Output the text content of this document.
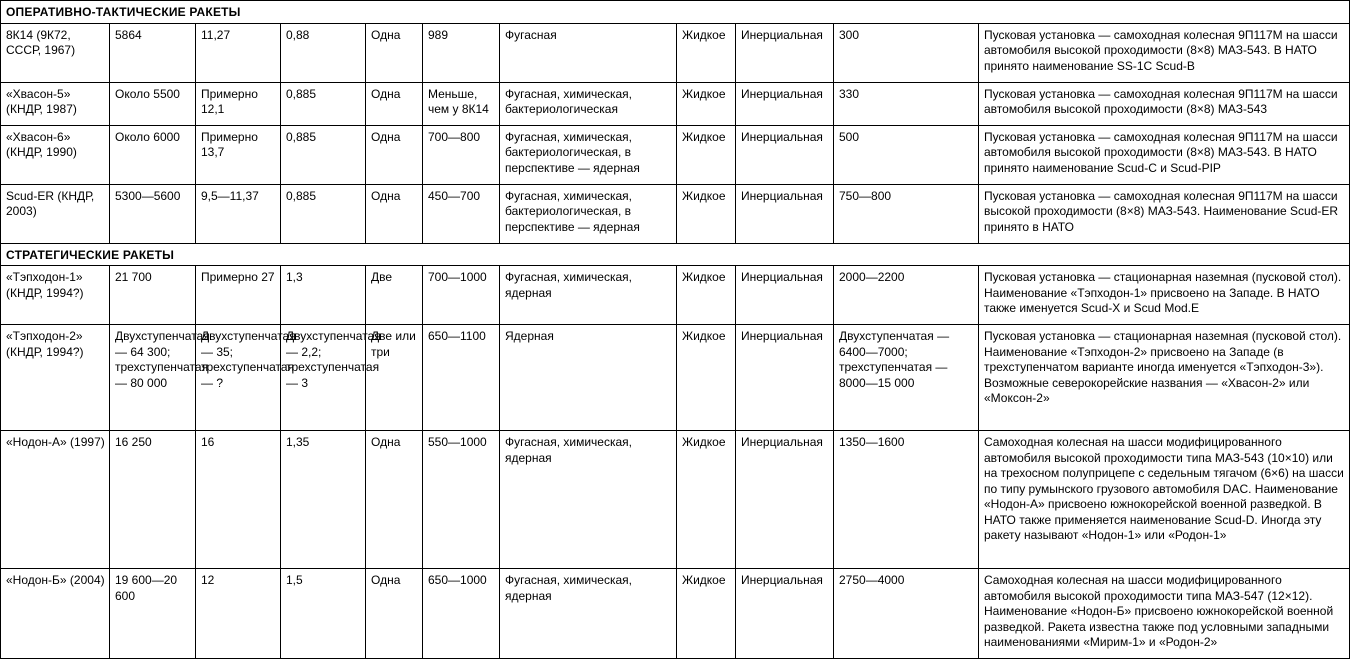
ОПЕРАТИВНО-ТАКТИЧЕСКИЕ РАКЕТЫ										
8К14 (9К72, СССР, 1967)	5864	11,27	0,88	Одна	989	Фугасная	Жидкое	Инерциальная	300	Пусковая установка — самоходная колесная 9П117М на шасси автомобиля высокой проходимости (8×8) МАЗ-543. В НАТО принято наименование SS-1C Scud-B
«Хвасон-5» (КНДР, 1987)	Около 5500	Примерно 12,1	0,885	Одна	Меньше, чем у 8К14	Фугасная, химическая, бактериологическая	Жидкое	Инерциальная	330	Пусковая установка — самоходная колесная 9П117М на шасси автомобиля высокой проходимости (8×8) МАЗ-543
«Хвасон-6» (КНДР, 1990)	Около 6000	Примерно 13,7	0,885	Одна	700—800	Фугасная, химическая, бактериологическая, в перспективе — ядерная	Жидкое	Инерциальная	500	Пусковая установка — самоходная колесная 9П117М на шасси автомобиля высокой проходимости (8×8) МАЗ-543. В НАТО принято наименование Scud-C и Scud-PIP
Scud-ER (КНДР, 2003)	5300—5600	9,5—11,37	0,885	Одна	450—700	Фугасная, химическая, бактериологическая, в перспективе — ядерная	Жидкое	Инерциальная	750—800	Пусковая установка — самоходная колесная 9П117М на шасси высокой проходимости (8×8) МАЗ-543. Наименование Scud-ER принято в НАТО
СТРАТЕГИЧЕСКИЕ РАКЕТЫ										
«Тэпходон-1» (КНДР, 1994?)	21 700	Примерно 27	1,3	Две	700—1000	Фугасная, химическая, ядерная	Жидкое	Инерциальная	2000—2200	Пусковая установка — стационарная наземная (пусковой стол). Наименование «Тэпходон-1» присвоено на Западе. В НАТО также именуется Scud-X и Scud Mod.E
«Тэпходон-2» (КНДР, 1994?)	Двухступенчатая — 64 300; трехступенчатая — 80 000	Двухступенчатая — 35; трехступенчатая — ?	Двухступенчатая — 2,2; трехступенчатая — 3	Две или три	650—1100	Ядерная	Жидкое	Инерциальная	Двухступенчатая — 6400—7000; трехступенчатая — 8000—15 000	Пусковая установка — стационарная наземная (пусковой стол). Наименование «Тэпходон-2» присвоено на Западе (в трехступенчатом варианте иногда именуется «Тэпходон-3»). Возможные северокорейские названия — «Хвасон-2» или «Моксон-2»
«Нодон-А» (1997)	16 250	16	1,35	Одна	550—1000	Фугасная, химическая, ядерная	Жидкое	Инерциальная	1350—1600	Самоходная колесная на шасси модифицированного автомобиля высокой проходимости типа МАЗ-543 (10×10) или на трехосном полуприцепе с седельным тягачом (6×6) на шасси по типу румынского грузового автомобиля DAC. Наименование «Нодон-А» присвоено южнокорейской военной разведкой. В НАТО также применяется наименование Scud-D. Иногда эту ракету называют «Нодон-1» или «Родон-1»
«Нодон-Б» (2004)	19 600—20 600	12	1,5	Одна	650—1000	Фугасная, химическая, ядерная	Жидкое	Инерциальная	2750—4000	Самоходная колесная на шасси модифицированного автомобиля высокой проходимости типа МАЗ-547 (12×12). Наименование «Нодон-Б» присвоено южнокорейской военной разведкой. Ракета известна также под условными западными наименованиями «Мирим-1» и «Родон-2»
